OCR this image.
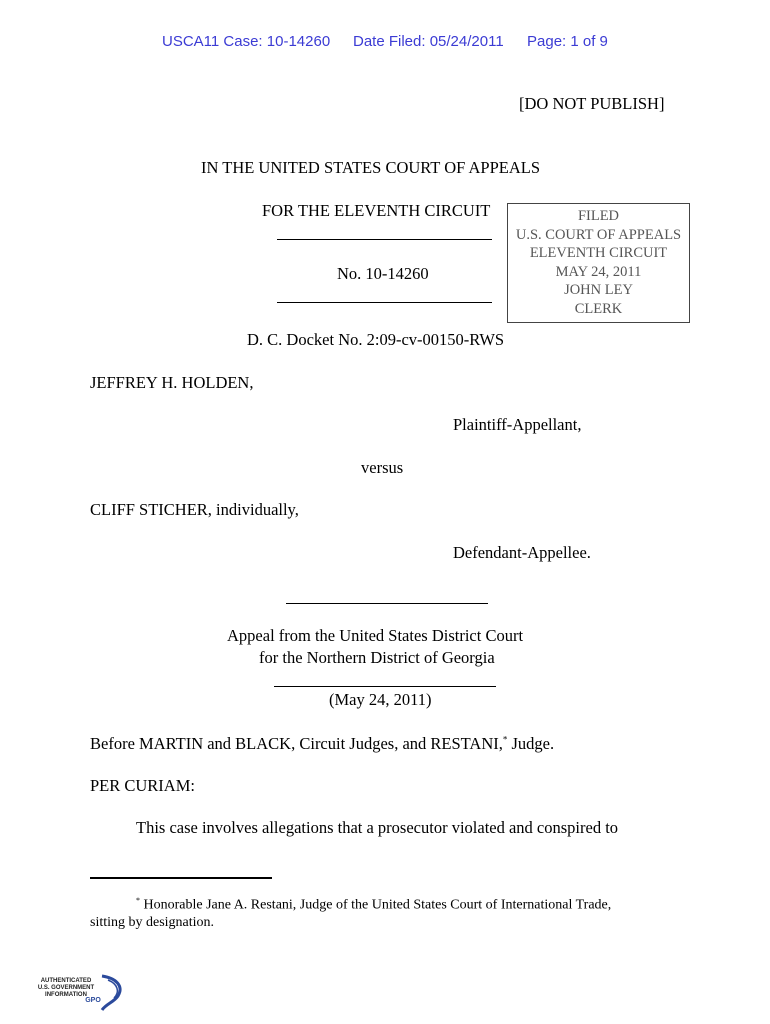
USCA11 Case: 10-14260 Date Filed: 05/24/2011 Page: 1 of 9
[DO NOT PUBLISH]
IN THE UNITED STATES COURT OF APPEALS
FOR THE ELEVENTH CIRCUIT
No. 10-14260
FILED
U.S. COURT OF APPEALS
ELEVENTH CIRCUIT
MAY 24, 2011
JOHN LEY
CLERK
D. C. Docket No. 2:09-cv-00150-RWS
JEFFREY H. HOLDEN,
Plaintiff-Appellant,
versus
CLIFF STICHER, individually,
Defendant-Appellee.
Appeal from the United States District Court
for the Northern District of Georgia
(May 24, 2011)
Before MARTIN and BLACK, Circuit Judges, and RESTANI,* Judge.
PER CURIAM:
This case involves allegations that a prosecutor violated and conspired to
* Honorable Jane A. Restani, Judge of the United States Court of International Trade,
sitting by designation.
AUTHENTICATED
U.S. GOVERNMENT
INFORMATION
GPO
